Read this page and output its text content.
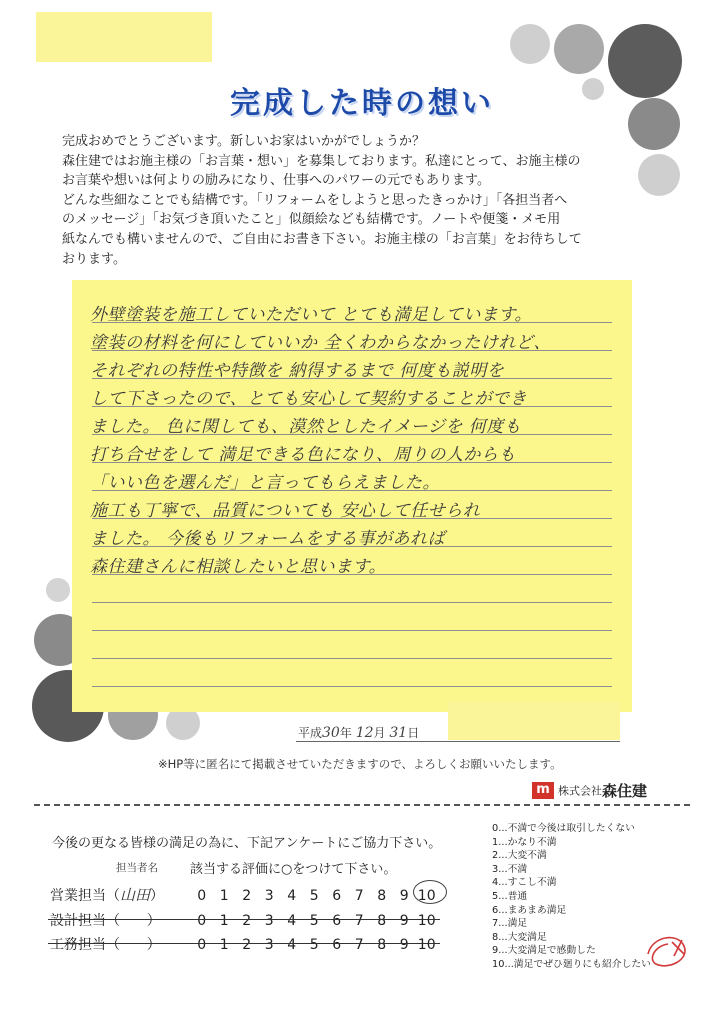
完成した時の想い

完成おめでとうございます。新しいお家はいかがでしょうか？

森住建ではお施主様の「お言葉・想い」を募集しております。私達にとって、お施主様の

お言葉や想いは何よりの励みになり、仕事へのパワーの元でもあります。

どんな些細なことでも結構です。「リフォームをしようと思ったきっかけ」「各担当者へ

のメッセージ」「お気づき頂いたこと」似顔絵なども結構です。ノートや便箋・メモ用

紙なんでも構いませんので、ご自由にお書き下さい。お施主様の「お言葉」をお待ちして

おります。

外壁塗装を施工していただいて とても満足しています。
塗装の材料を何にしていいか 全くわからなかったけれど、
それぞれの特性や特徴を 納得するまで 何度も説明を
して下さったので、とても安心して契約することができ
ました。 色に関しても、漠然としたイメージを 何度も
打ち合せをして 満足できる色になり、周りの人からも
「いい色を選んだ」と言ってもらえました。
施工も丁寧で、品質についても 安心して任せられ
ました。 今後もリフォームをする事があれば
森住建さんに相談したいと思います。
平成30年 12月 31日
※HP等に匿名にて掲載させていただきますので、よろしくお願いいたします。
m 株式会社森住建
今後の更なる皆様の満足の為に、下記アンケートにご協力下さい。
担当者名 該当する評価に○をつけて下さい。
営業担当（山田） 0 1 2 3 4 5 6 7 8 9 10
設計担当（ ）	0 1 2 3 4 5 6 7 8 9 10
工務担当（ ）	0 1 2 3 4 5 6 7 8 9 10
0...不満で今後は取引したくない
1...かなり不満
2...大変不満
3...不満
4...すこし不満
5...普通
6...まあまあ満足
7...満足
8...大変満足
9...大変満足で感動した
10...満足でぜひ廻りにも紹介したい
